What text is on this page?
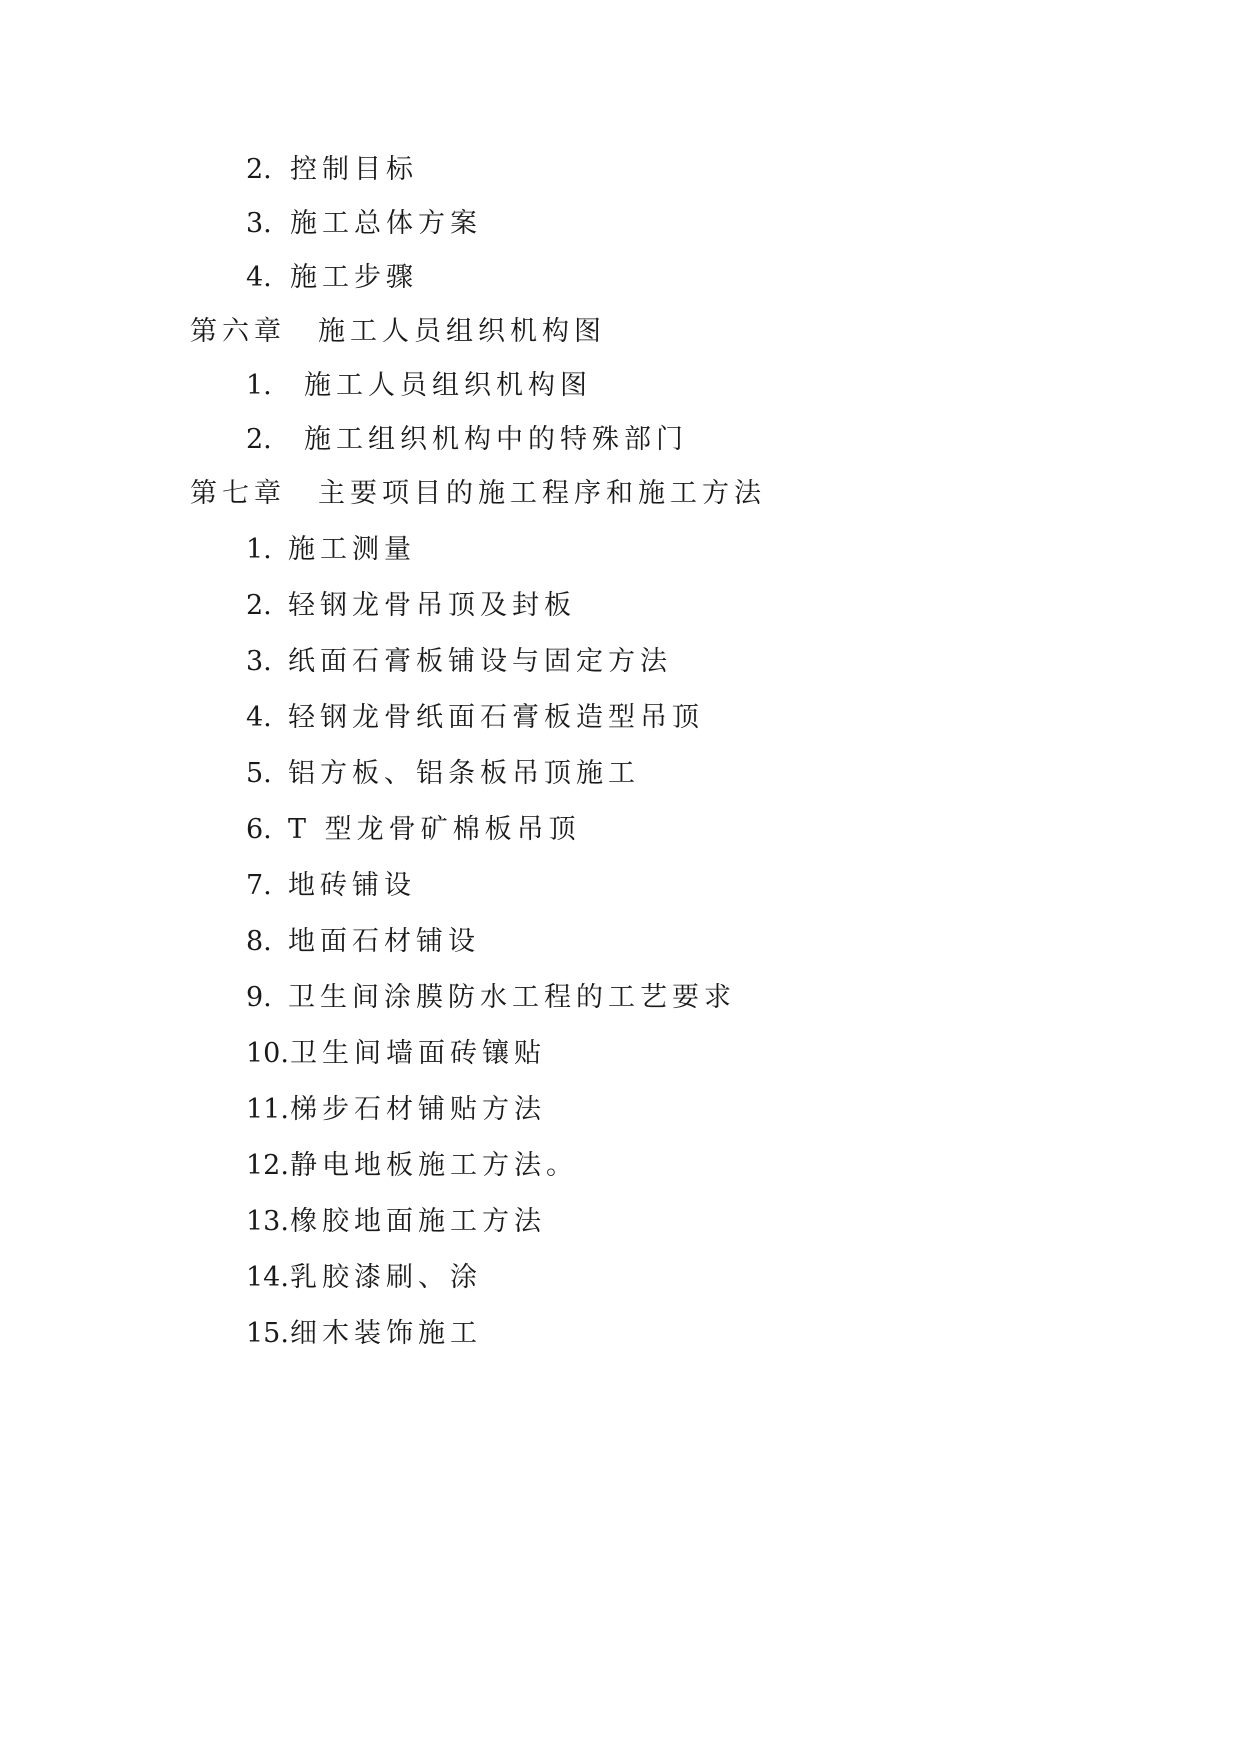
2. 控制目标
3. 施工总体方案
4. 施工步骤
第六章 施工人员组织机构图
1. 施工人员组织机构图
2. 施工组织机构中的特殊部门
第七章 主要项目的施工程序和施工方法
1. 施工测量
2. 轻钢龙骨吊顶及封板
3. 纸面石膏板铺设与固定方法
4. 轻钢龙骨纸面石膏板造型吊顶
5. 铝方板、铝条板吊顶施工
6. T 型龙骨矿棉板吊顶
7. 地砖铺设
8. 地面石材铺设
9. 卫生间涂膜防水工程的工艺要求
10.卫生间墙面砖镶贴
11.梯步石材铺贴方法
12.静电地板施工方法。
13.橡胶地面施工方法
14.乳胶漆刷、涂
15.细木装饰施工
